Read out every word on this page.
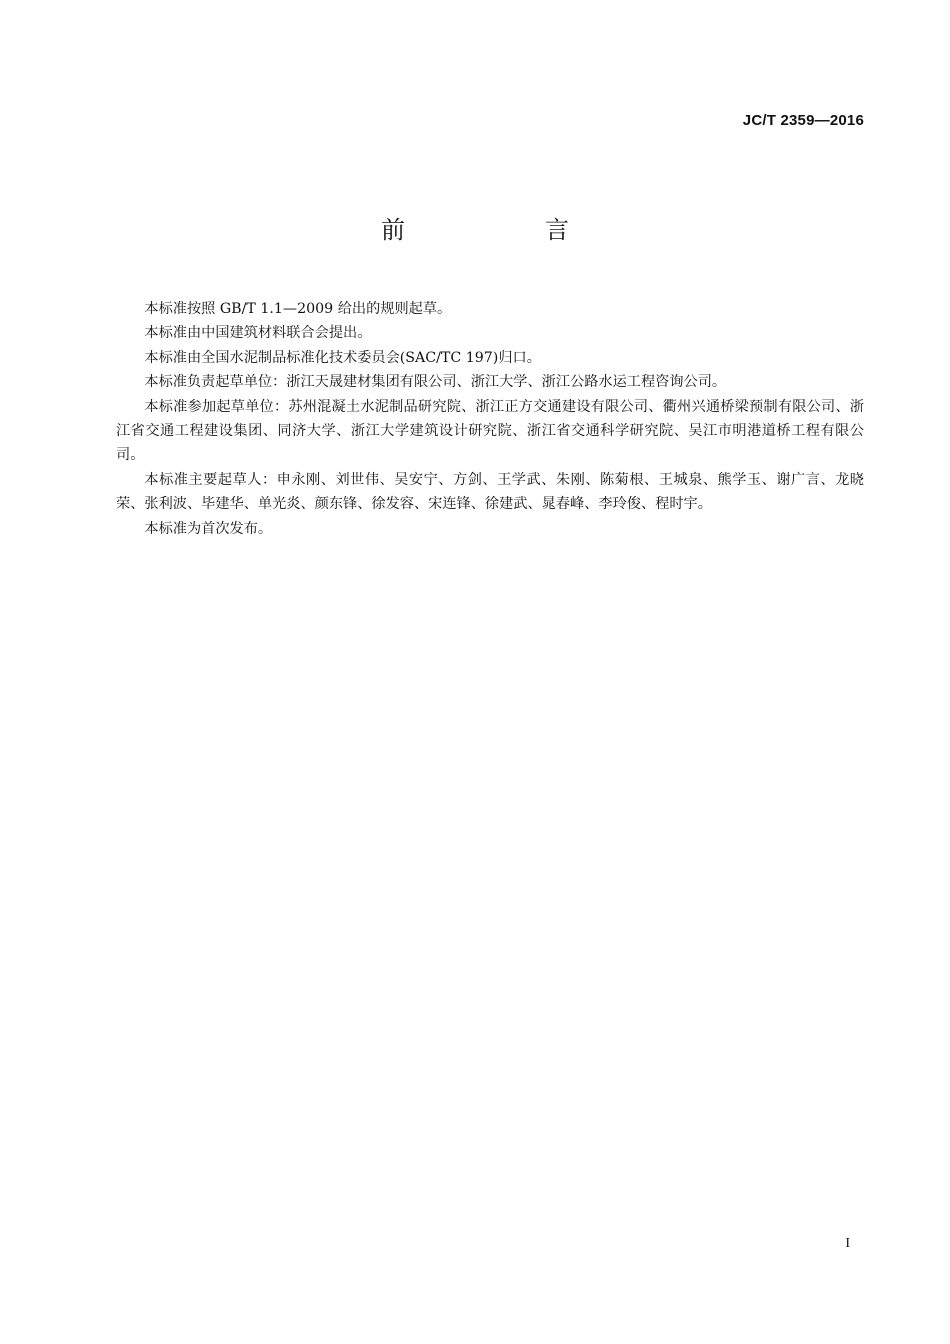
JC/T 2359—2016
前　言

本标准按照 GB/T 1.1—2009 给出的规则起草。

本标准由中国建筑材料联合会提出。

本标准由全国水泥制品标准化技术委员会(SAC/TC 197)归口。

本标准负责起草单位：浙江天晟建材集团有限公司、浙江大学、浙江公路水运工程咨询公司。

本标准参加起草单位：苏州混凝土水泥制品研究院、浙江正方交通建设有限公司、衢州兴通桥梁预制有限公司、浙江省交通工程建设集团、同济大学、浙江大学建筑设计研究院、浙江省交通科学研究院、吴江市明港道桥工程有限公司。

本标准主要起草人：申永刚、刘世伟、吴安宁、方剑、王学武、朱刚、陈菊根、王城泉、熊学玉、谢广言、龙晓荣、张利波、毕建华、单光炎、颜东锋、徐发容、宋连锋、徐建武、晁春峰、李玲俊、程时宇。

本标准为首次发布。

I
